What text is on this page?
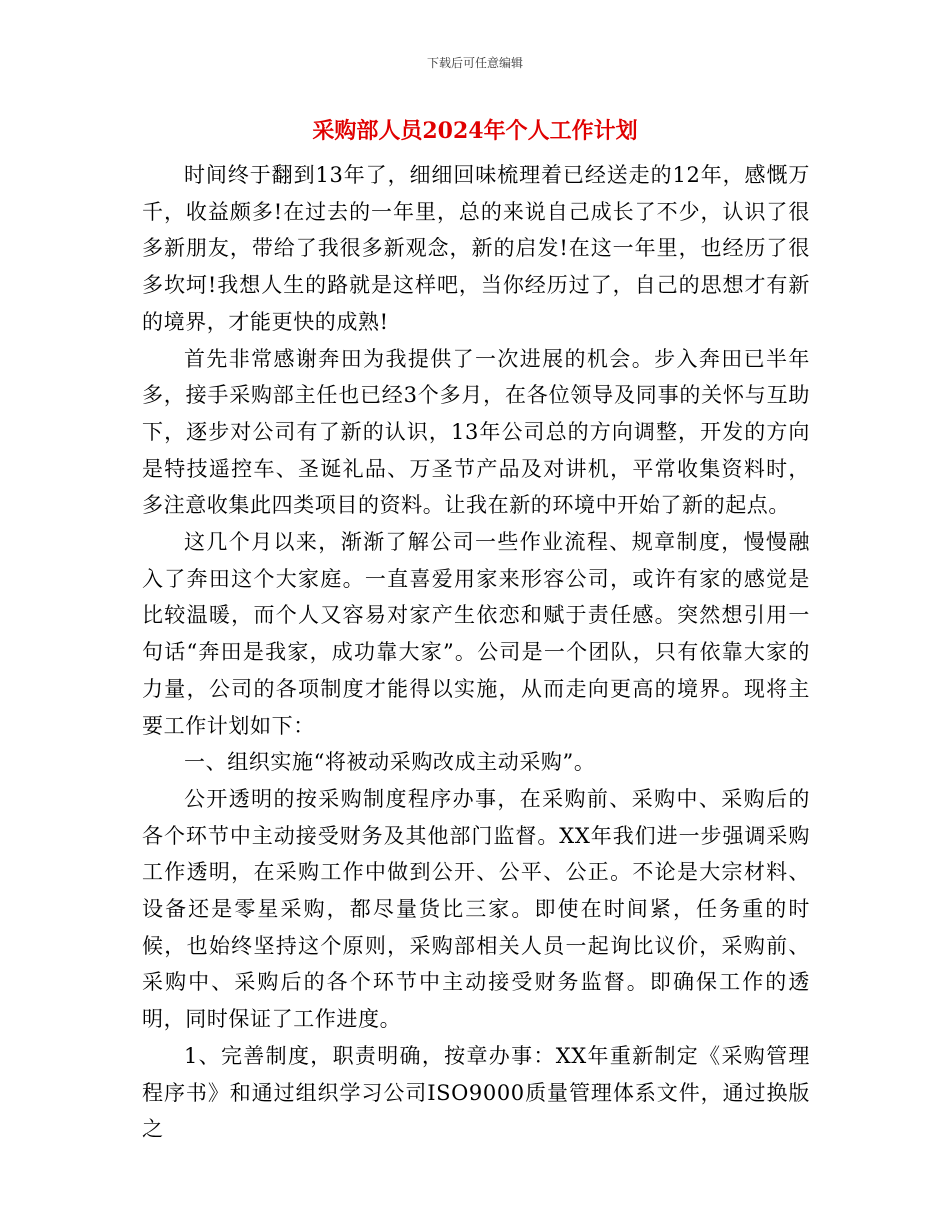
下载后可任意编辑
采购部人员2024年个人工作计划

时间终于翻到13年了，细细回味梳理着已经送走的12年，感慨万千，收益颇多!在过去的一年里，总的来说自己成长了不少，认识了很多新朋友，带给了我很多新观念，新的启发!在这一年里，也经历了很多坎坷!我想人生的路就是这样吧，当你经历过了，自己的思想才有新的境界，才能更快的成熟!

首先非常感谢奔田为我提供了一次进展的机会。步入奔田已半年多，接手采购部主任也已经3个多月，在各位领导及同事的关怀与互助下，逐步对公司有了新的认识，13年公司总的方向调整，开发的方向是特技遥控车、圣诞礼品、万圣节产品及对讲机，平常收集资料时，多注意收集此四类项目的资料。让我在新的环境中开始了新的起点。

这几个月以来，渐渐了解公司一些作业流程、规章制度，慢慢融入了奔田这个大家庭。一直喜爱用家来形容公司，或许有家的感觉是比较温暖，而个人又容易对家产生依恋和赋于责任感。突然想引用一句话“奔田是我家，成功靠大家”。公司是一个团队，只有依靠大家的力量，公司的各项制度才能得以实施，从而走向更高的境界。现将主要工作计划如下：

一、组织实施“将被动采购改成主动采购”。

公开透明的按采购制度程序办事，在采购前、采购中、采购后的各个环节中主动接受财务及其他部门监督。XX年我们进一步强调采购工作透明，在采购工作中做到公开、公平、公正。不论是大宗材料、设备还是零星采购，都尽量货比三家。即使在时间紧，任务重的时候，也始终坚持这个原则，采购部相关人员一起询比议价，采购前、采购中、采购后的各个环节中主动接受财务监督。即确保工作的透明，同时保证了工作进度。

1、完善制度，职责明确，按章办事：XX年重新制定《采购管理程序书》和通过组织学习公司ISO9000质量管理体系文件，通过换版之
